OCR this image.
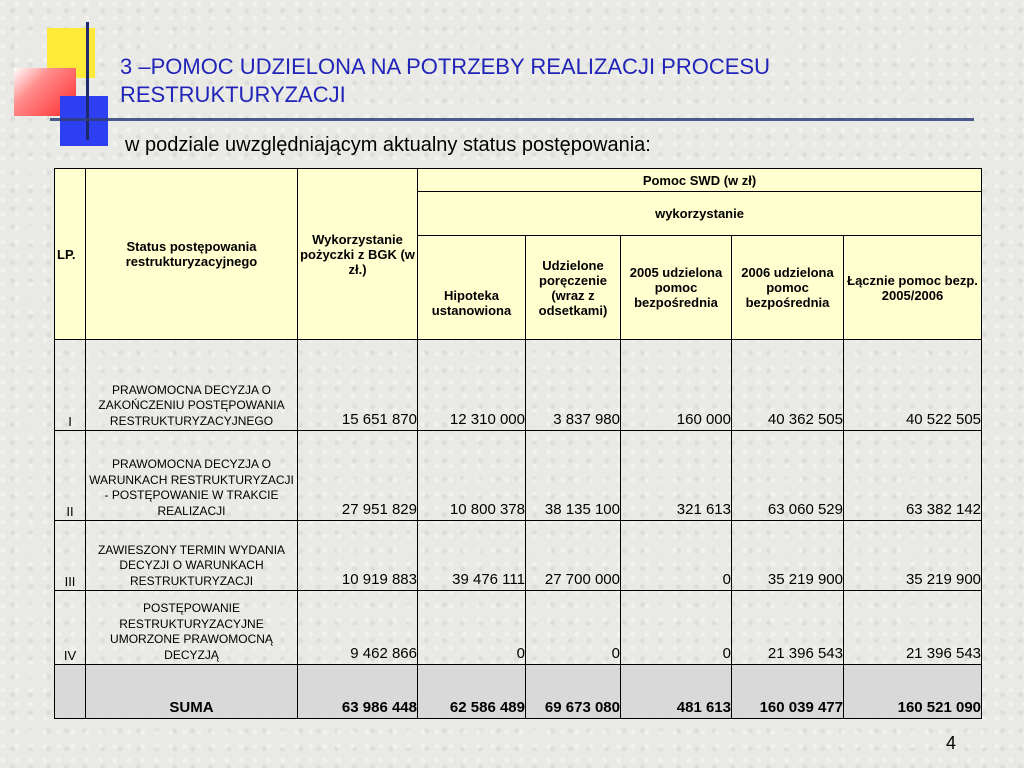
3 –POMOC UDZIELONA NA POTRZEBY REALIZACJI PROCESU RESTRUKTURYZACJI
w podziale uwzględniającym aktualny status postępowania:
LP.	Status postępowania restrukturyzacyjnego	Wykorzystanie pożyczki z BGK (w zł.)	Pomoc SWD (w zł)				
			wykorzystanie				
			Hipoteka ustanowiona	Udzielone poręczenie (wraz z odsetkami)	2005 udzielona pomoc bezpośrednia	2006 udzielona pomoc bezpośrednia	Łącznie pomoc bezp. 2005/2006
I	PRAWOMOCNA DECYZJA O ZAKOŃCZENIU POSTĘPOWANIA RESTRUKTURYZACYJNEGO	15 651 870	12 310 000	3 837 980	160 000	40 362 505	40 522 505
II	PRAWOMOCNA DECYZJA O WARUNKACH RESTRUKTURYZACJI - POSTĘPOWANIE W TRAKCIE REALIZACJI	27 951 829	10 800 378	38 135 100	321 613	63 060 529	63 382 142
III	ZAWIESZONY TERMIN WYDANIA DECYZJI O WARUNKACH RESTRUKTURYZACJI	10 919 883	39 476 111	27 700 000	0	35 219 900	35 219 900
IV	POSTĘPOWANIE RESTRUKTURYZACYJNE UMORZONE PRAWOMOCNĄ DECYZJĄ	9 462 866	0	0	0	21 396 543	21 396 543
	SUMA	63 986 448	62 586 489	69 673 080	481 613	160 039 477	160 521 090
4
